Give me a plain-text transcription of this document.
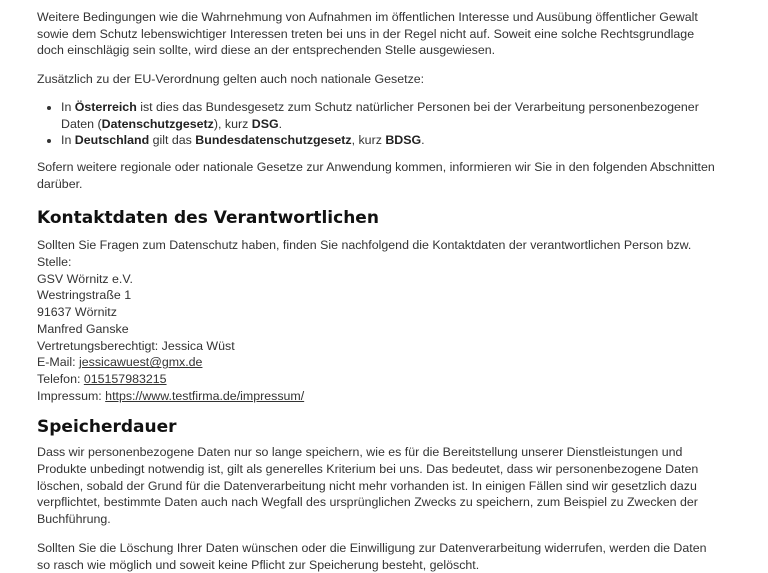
Weitere Bedingungen wie die Wahrnehmung von Aufnahmen im öffentlichen Interesse und Ausübung öffentlicher Gewalt sowie dem Schutz lebenswichtiger Interessen treten bei uns in der Regel nicht auf. Soweit eine solche Rechtsgrundlage doch einschlägig sein sollte, wird diese an der entsprechenden Stelle ausgewiesen.

Zusätzlich zu der EU-Verordnung gelten auch noch nationale Gesetze:

• In Österreich ist dies das Bundesgesetz zum Schutz natürlicher Personen bei der Verarbeitung personenbezogener Daten (Datenschutzgesetz), kurz DSG.
• In Deutschland gilt das Bundesdatenschutzgesetz, kurz BDSG.

Sofern weitere regionale oder nationale Gesetze zur Anwendung kommen, informieren wir Sie in den folgenden Abschnitten darüber.

Kontaktdaten des Verantwortlichen
Sollten Sie Fragen zum Datenschutz haben, finden Sie nachfolgend die Kontaktdaten der verantwortlichen Person bzw. Stelle:
GSV Wörnitz e.V.
Westringstraße 1
91637 Wörnitz
Manfred Ganske
Vertretungsberechtigt: Jessica Wüst
E-Mail: jessicawuest@gmx.de
Telefon: 015157983215
Impressum: https://www.testfirma.de/impressum/
Speicherdauer

Dass wir personenbezogene Daten nur so lange speichern, wie es für die Bereitstellung unserer Dienstleistungen und Produkte unbedingt notwendig ist, gilt als generelles Kriterium bei uns. Das bedeutet, dass wir personenbezogene Daten löschen, sobald der Grund für die Datenverarbeitung nicht mehr vorhanden ist. In einigen Fällen sind wir gesetzlich dazu verpflichtet, bestimmte Daten auch nach Wegfall des ursprünglichen Zwecks zu speichern, zum Beispiel zu Zwecken der Buchführung.

Sollten Sie die Löschung Ihrer Daten wünschen oder die Einwilligung zur Datenverarbeitung widerrufen, werden die Daten so rasch wie möglich und soweit keine Pflicht zur Speicherung besteht, gelöscht.
